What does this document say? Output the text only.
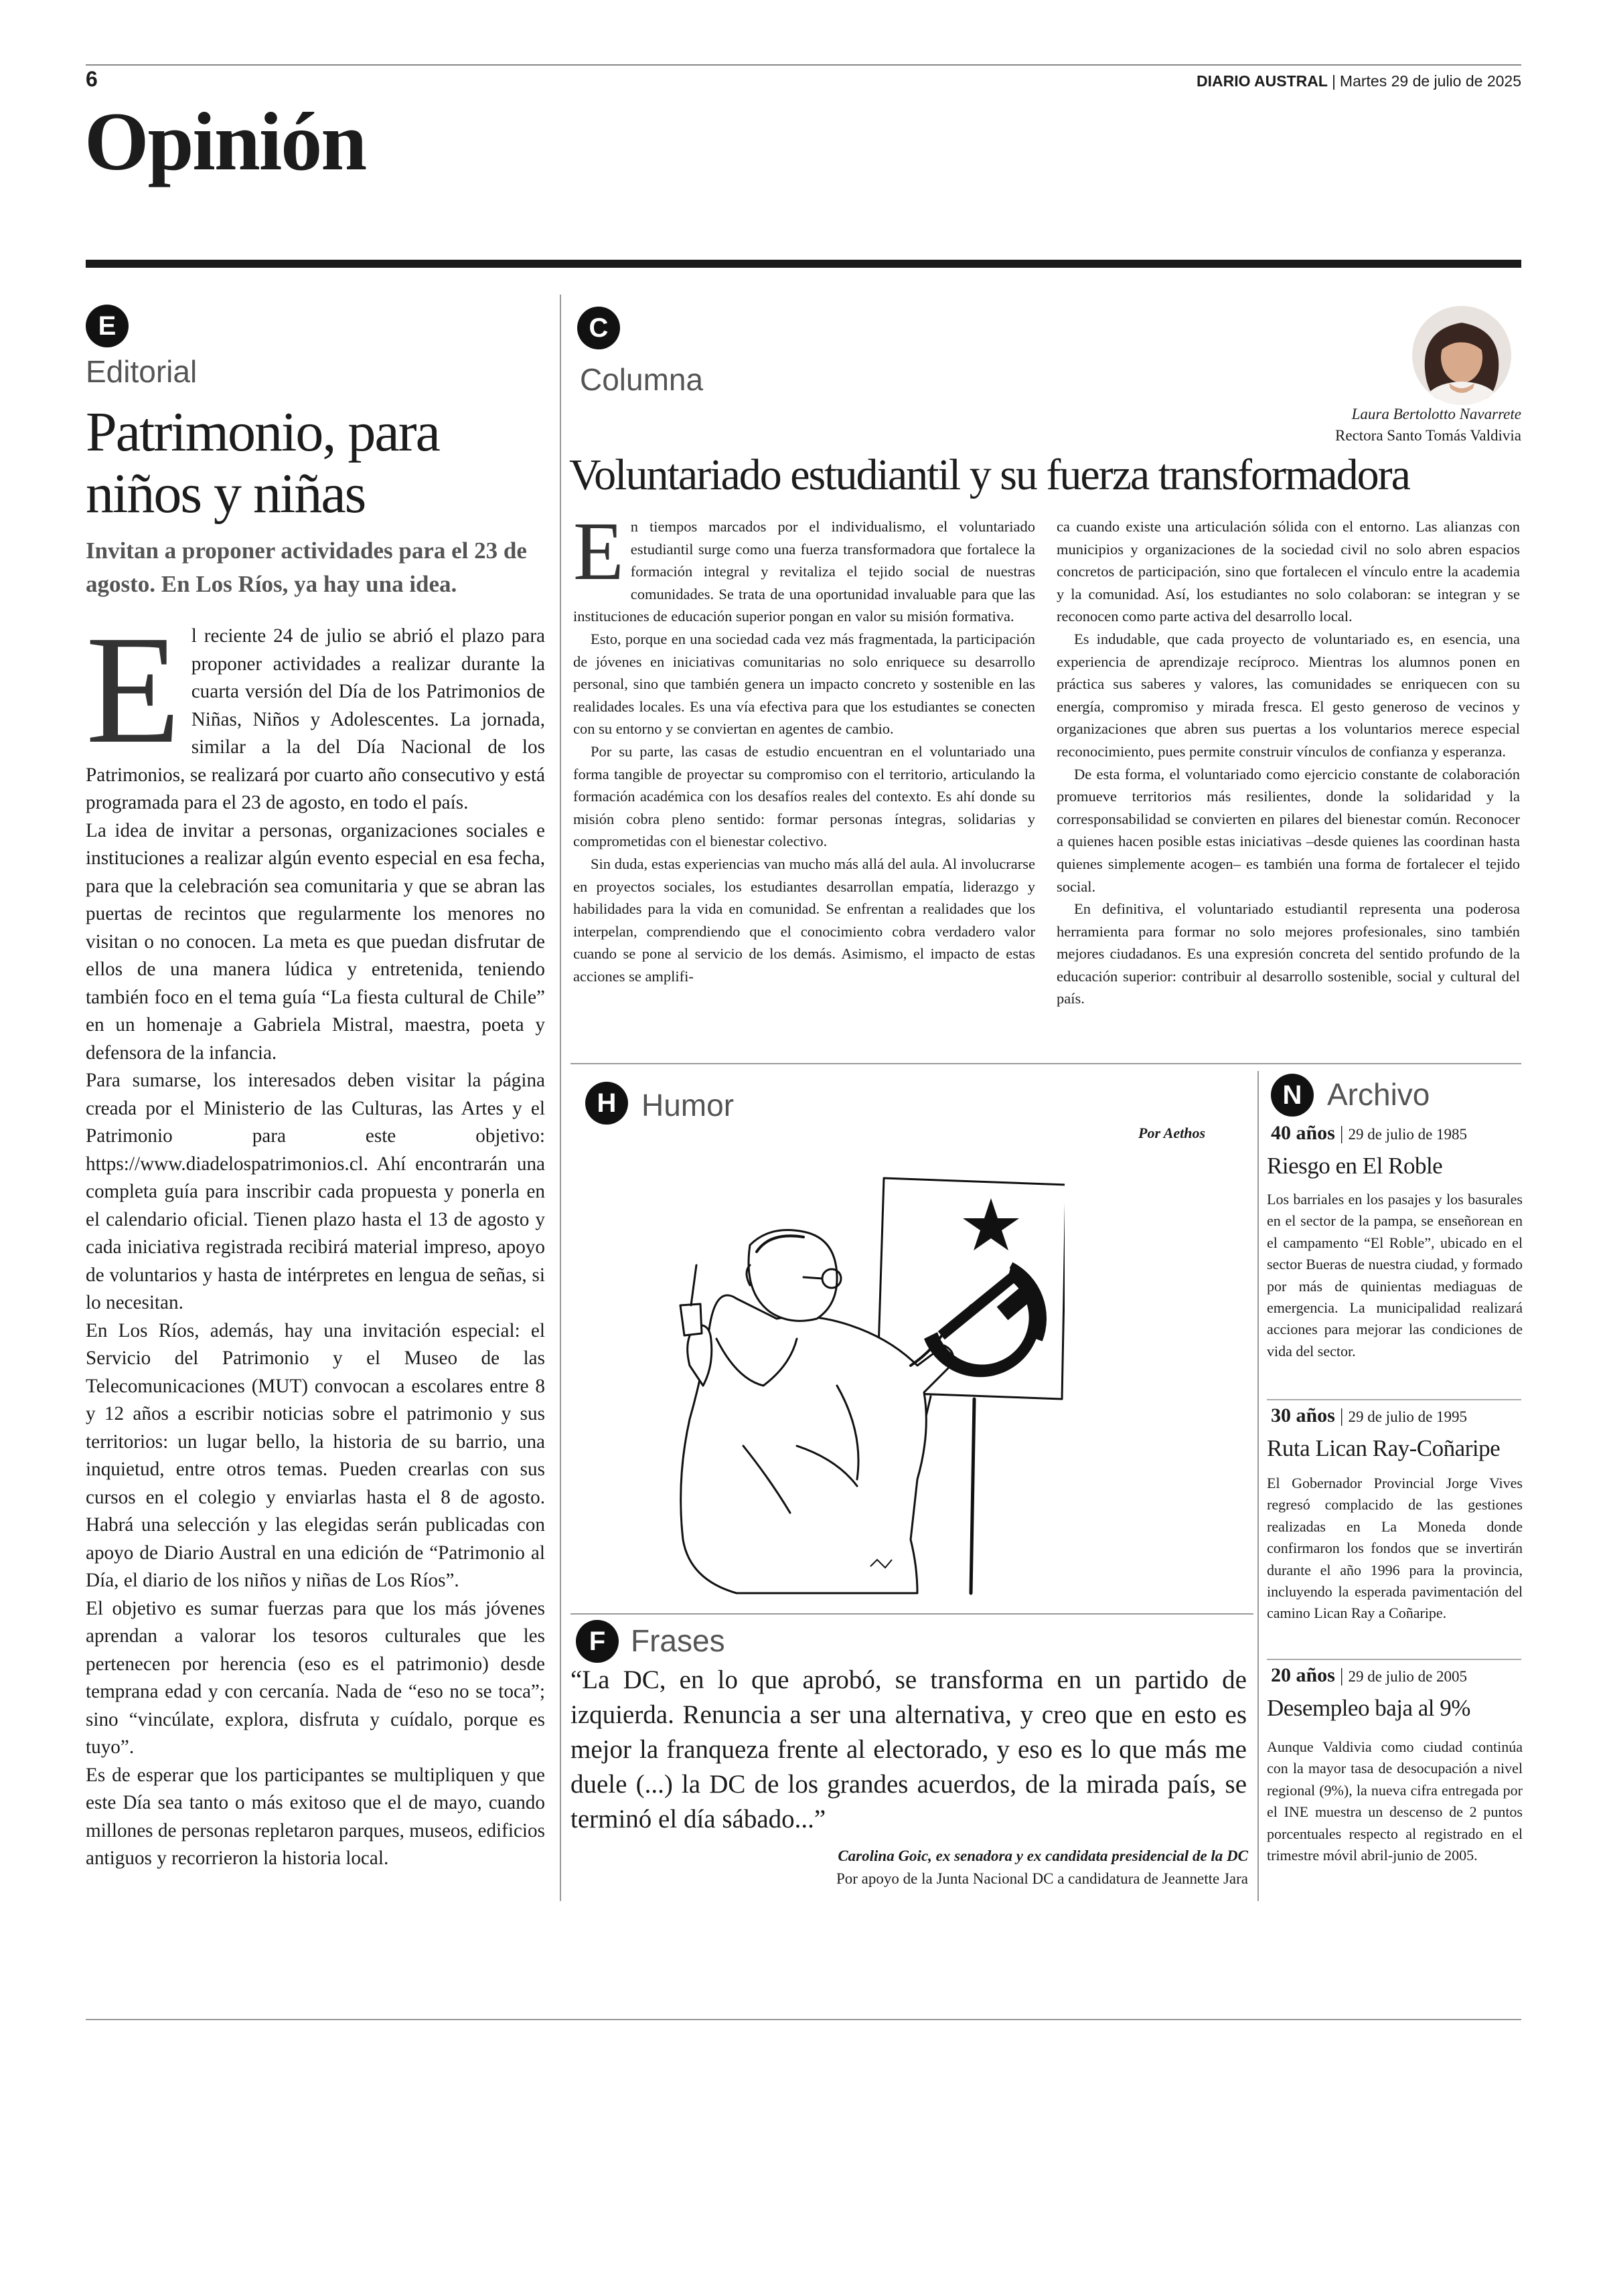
6	DIARIO AUSTRAL | Martes 29 de julio de 2025
Opinión
E
Editorial
Patrimonio, para niños y niñas
Invitan a proponer actividades para el 23 de agosto. En Los Ríos, ya hay una idea.

El reciente 24 de julio se abrió el plazo para proponer actividades a realizar durante la cuarta versión del Día de los Patrimonios de Niñas, Niños y Adolescentes. La jornada, similar a la del Día Nacional de los Patrimonios, se realizará por cuarto año consecutivo y está programada para el 23 de agosto, en todo el país.

La idea de invitar a personas, organizaciones sociales e instituciones a realizar algún evento especial en esa fecha, para que la celebración sea comunitaria y que se abran las puertas de recintos que regularmente los menores no visitan o no conocen. La meta es que puedan disfrutar de ellos de una manera lúdica y entretenida, teniendo también foco en el tema guía “La fiesta cultural de Chile” en un homenaje a Gabriela Mistral, maestra, poeta y defensora de la infancia.

Para sumarse, los interesados deben visitar la página creada por el Ministerio de las Culturas, las Artes y el Patrimonio para este objetivo: https://www.diadelospatrimonios.cl. Ahí encontrarán una completa guía para inscribir cada propuesta y ponerla en el calendario oficial. Tienen plazo hasta el 13 de agosto y cada iniciativa registrada recibirá material impreso, apoyo de voluntarios y hasta de intérpretes en lengua de señas, si lo necesitan.

En Los Ríos, además, hay una invitación especial: el Servicio del Patrimonio y el Museo de las Telecomunicaciones (MUT) convocan a escolares entre 8 y 12 años a escribir noticias sobre el patrimonio y sus territorios: un lugar bello, la historia de su barrio, una inquietud, entre otros temas. Pueden crearlas con sus cursos en el colegio y enviarlas hasta el 8 de agosto. Habrá una selección y las elegidas serán publicadas con apoyo de Diario Austral en una edición de “Patrimonio al Día, el diario de los niños y niñas de Los Ríos”.

El objetivo es sumar fuerzas para que los más jóvenes aprendan a valorar los tesoros culturales que les pertenecen por herencia (eso es el patrimonio) desde temprana edad y con cercanía. Nada de “eso no se toca”; sino “vincúlate, explora, disfruta y cuídalo, porque es tuyo”.

Es de esperar que los participantes se multipliquen y que este Día sea tanto o más exitoso que el de mayo, cuando millones de personas repletaron parques, museos, edificios antiguos y recorrieron la historia local.

C
Columna
Laura Bertolotto Navarrete
Rectora Santo Tomás Valdivia
Voluntariado estudiantil y su fuerza transformadora

En tiempos marcados por el individualismo, el voluntariado estudiantil surge como una fuerza transformadora que fortalece la formación integral y revitaliza el tejido social de nuestras comunidades. Se trata de una oportunidad invaluable para que las instituciones de educación superior pongan en valor su misión formativa.

Esto, porque en una sociedad cada vez más fragmentada, la participación de jóvenes en iniciativas comunitarias no solo enriquece su desarrollo personal, sino que también genera un impacto concreto y sostenible en las realidades locales. Es una vía efectiva para que los estudiantes se conecten con su entorno y se conviertan en agentes de cambio.

Por su parte, las casas de estudio encuentran en el voluntariado una forma tangible de proyectar su compromiso con el territorio, articulando la formación académica con los desafíos reales del contexto. Es ahí donde su misión cobra pleno sentido: formar personas íntegras, solidarias y comprometidas con el bienestar colectivo.

Sin duda, estas experiencias van mucho más allá del aula. Al involucrarse en proyectos sociales, los estudiantes desarrollan empatía, liderazgo y habilidades para la vida en comunidad. Se enfrentan a realidades que los interpelan, comprendiendo que el conocimiento cobra verdadero valor cuando se pone al servicio de los demás. Asimismo, el impacto de estas acciones se amplifi-

ca cuando existe una articulación sólida con el entorno. Las alianzas con municipios y organizaciones de la sociedad civil no solo abren espacios concretos de participación, sino que fortalecen el vínculo entre la academia y la comunidad. Así, los estudiantes no solo colaboran: se integran y se reconocen como parte activa del desarrollo local.

Es indudable, que cada proyecto de voluntariado es, en esencia, una experiencia de aprendizaje recíproco. Mientras los alumnos ponen en práctica sus saberes y valores, las comunidades se enriquecen con su energía, compromiso y mirada fresca. El gesto generoso de vecinos y organizaciones que abren sus puertas a los voluntarios merece especial reconocimiento, pues permite construir vínculos de confianza y esperanza.

De esta forma, el voluntariado como ejercicio constante de colaboración promueve territorios más resilientes, donde la solidaridad y la corresponsabilidad se convierten en pilares del bienestar común. Reconocer a quienes hacen posible estas iniciativas –desde quienes las coordinan hasta quienes simplemente acogen– es también una forma de fortalecer el tejido social.

En definitiva, el voluntariado estudiantil representa una poderosa herramienta para formar no solo mejores profesionales, sino también mejores ciudadanos. Es una expresión concreta del sentido profundo de la educación superior: contribuir al desarrollo sostenible, social y cultural del país.

H Humor
Por Aethos
F Frases
“La DC, en lo que aprobó, se transforma en un partido de izquierda. Renuncia a ser una alternativa, y creo que en esto es mejor la franqueza frente al electorado, y eso es lo que más me duele (...) la DC de los grandes acuerdos, de la mirada país, se terminó el día sábado...”
Carolina Goic, ex senadora y ex candidata presidencial de la DC
Por apoyo de la Junta Nacional DC a candidatura de Jeannette Jara
N Archivo
40 años | 29 de julio de 1985
Riesgo en El Roble
Los barriales en los pasajes y los basurales en el sector de la pampa, se enseñorean en el campamento “El Roble”, ubicado en el sector Bueras de nuestra ciudad, y formado por más de quinientas mediaguas de emergencia. La municipalidad realizará acciones para mejorar las condiciones de vida del sector.
30 años | 29 de julio de 1995
Ruta Lican Ray-Coñaripe
El Gobernador Provincial Jorge Vives regresó complacido de las gestiones realizadas en La Moneda donde confirmaron los fondos que se invertirán durante el año 1996 para la provincia, incluyendo la esperada pavimentación del camino Lican Ray a Coñaripe.
20 años | 29 de julio de 2005
Desempleo baja al 9%
Aunque Valdivia como ciudad continúa con la mayor tasa de desocupación a nivel regional (9%), la nueva cifra entregada por el INE muestra un descenso de 2 puntos porcentuales respecto al registrado en el trimestre móvil abril-junio de 2005.
